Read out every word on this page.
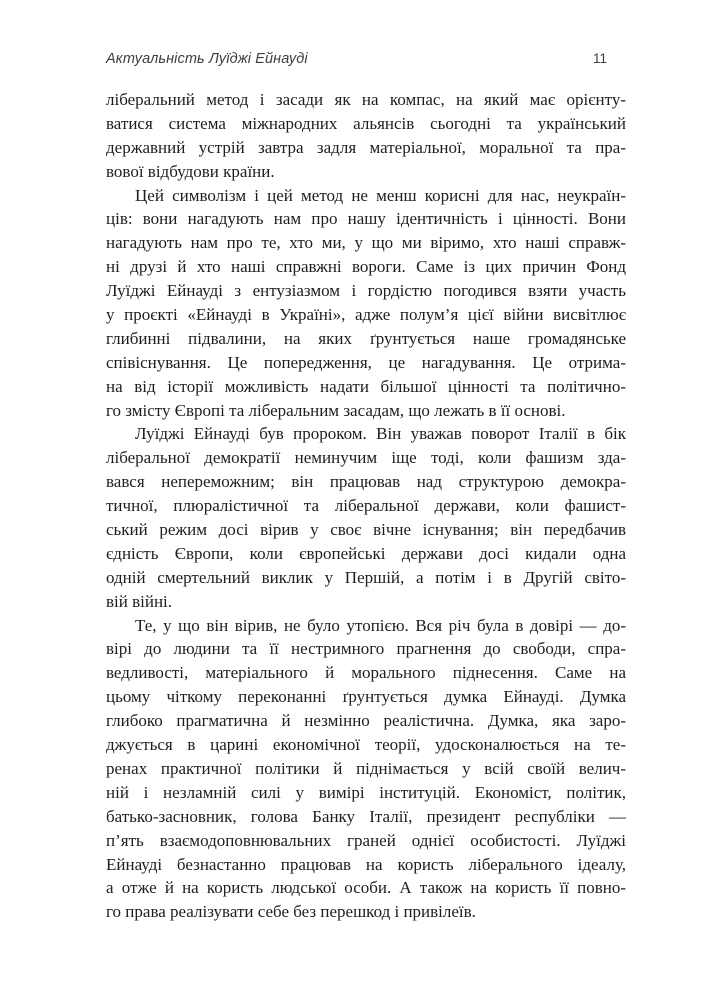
Актуальність Луїджі Ейнауді	11
ліберальний метод і засади як на компас, на який має орієнту-
ватися система міжнародних альянсів сьогодні та український
державний устрій завтра задля матеріальної, моральної та пра-
вової відбудови країни.
Цей символізм і цей метод не менш корисні для нас, неукраїн-
ців: вони нагадують нам про нашу ідентичність і цінності. Вони
нагадують нам про те, хто ми, у що ми віримо, хто наші справж-
ні друзі й хто наші справжні вороги. Саме із цих причин Фонд
Луїджі Ейнауді з ентузіазмом і гордістю погодився взяти участь
у проєкті «Ейнауді в Україні», адже полум’я цієї війни висвітлює
глибинні підвалини, на яких ґрунтується наше громадянське
співіснування. Це попередження, це нагадування. Це отрима-
на від історії можливість надати більшої цінності та політично-
го змісту Європі та ліберальним засадам, що лежать в її основі.
Луїджі Ейнауді був пророком. Він уважав поворот Італії в бік
ліберальної демократії неминучим іще тоді, коли фашизм зда-
вався непереможним; він працював над структурою демокра-
тичної, плюралістичної та ліберальної держави, коли фашист-
ський режим досі вірив у своє вічне існування; він передбачив
єдність Європи, коли європейські держави досі кидали одна
одній смертельний виклик у Першій, а потім і в Другій світо-
вій війні.
Те, у що він вірив, не було утопією. Вся річ була в довірі — до-
вірі до людини та її нестримного прагнення до свободи, спра-
ведливості, матеріального й морального піднесення. Саме на
цьому чіткому переконанні ґрунтується думка Ейнауді. Думка
глибоко прагматична й незмінно реалістична. Думка, яка заро-
джується в царині економічної теорії, удосконалюється на те-
ренах практичної політики й піднімається у всій своїй велич-
ній і незламній силі у вимірі інституцій. Економіст, політик,
батько-засновник, голова Банку Італії, президент республіки —
п’ять взаємодоповнювальних граней однієї особистості. Луїджі
Ейнауді безнастанно працював на користь ліберального ідеалу,
а отже й на користь людської особи. А також на користь її повно-
го права реалізувати себе без перешкод і привілеїв.
